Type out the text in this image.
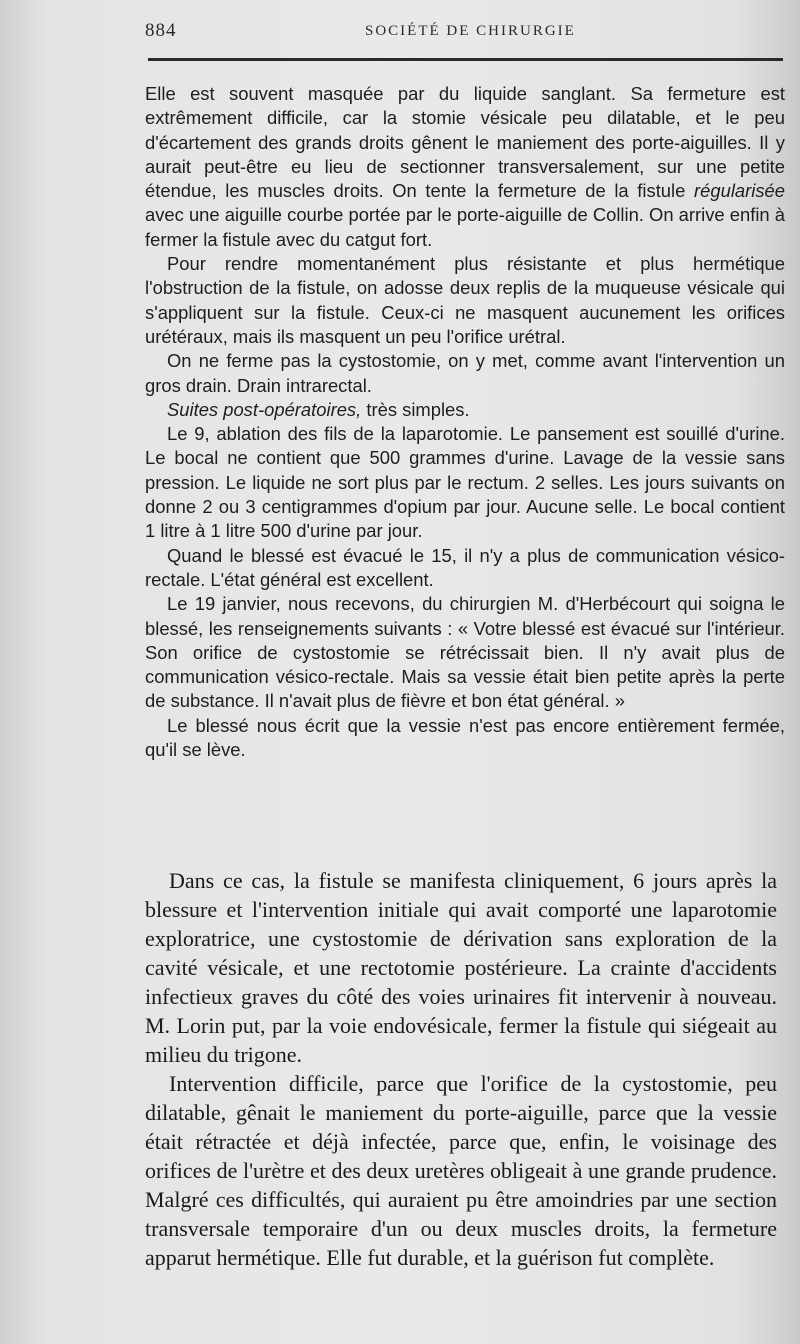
884	SOCIÉTÉ DE CHIRURGIE

Elle est souvent masquée par du liquide sanglant. Sa fermeture est extrêmement difficile, car la stomie vésicale peu dilatable, et le peu d'écartement des grands droits gênent le maniement des porte-aiguilles. Il y aurait peut-être eu lieu de sectionner transversalement, sur une petite étendue, les muscles droits. On tente la fermeture de la fistule régularisée avec une aiguille courbe portée par le porte-aiguille de Collin. On arrive enfin à fermer la fistule avec du catgut fort.

Pour rendre momentanément plus résistante et plus hermétique l'obstruction de la fistule, on adosse deux replis de la muqueuse vésicale qui s'appliquent sur la fistule. Ceux-ci ne masquent aucunement les orifices urétéraux, mais ils masquent un peu l'orifice urétral.

On ne ferme pas la cystostomie, on y met, comme avant l'intervention un gros drain. Drain intrarectal.

Suites post-opératoires, très simples.

Le 9, ablation des fils de la laparotomie. Le pansement est souillé d'urine. Le bocal ne contient que 500 grammes d'urine. Lavage de la vessie sans pression. Le liquide ne sort plus par le rectum. 2 selles. Les jours suivants on donne 2 ou 3 centigrammes d'opium par jour. Aucune selle. Le bocal contient 1 litre à 1 litre 500 d'urine par jour.

Quand le blessé est évacué le 15, il n'y a plus de communication vésico-rectale. L'état général est excellent.

Le 19 janvier, nous recevons, du chirurgien M. d'Herbécourt qui soigna le blessé, les renseignements suivants : « Votre blessé est évacué sur l'intérieur. Son orifice de cystostomie se rétrécissait bien. Il n'y avait plus de communication vésico-rectale. Mais sa vessie était bien petite après la perte de substance. Il n'avait plus de fièvre et bon état général. »

Le blessé nous écrit que la vessie n'est pas encore entièrement fermée, qu'il se lève.

Dans ce cas, la fistule se manifesta cliniquement, 6 jours après la blessure et l'intervention initiale qui avait comporté une laparotomie exploratrice, une cystostomie de dérivation sans exploration de la cavité vésicale, et une rectotomie postérieure. La crainte d'accidents infectieux graves du côté des voies urinaires fit intervenir à nouveau. M. Lorin put, par la voie endovésicale, fermer la fistule qui siégeait au milieu du trigone.

Intervention difficile, parce que l'orifice de la cystostomie, peu dilatable, gênait le maniement du porte-aiguille, parce que la vessie était rétractée et déjà infectée, parce que, enfin, le voisinage des orifices de l'urètre et des deux uretères obligeait à une grande prudence. Malgré ces difficultés, qui auraient pu être amoindries par une section transversale temporaire d'un ou deux muscles droits, la fermeture apparut hermétique. Elle fut durable, et la guérison fut complète.
